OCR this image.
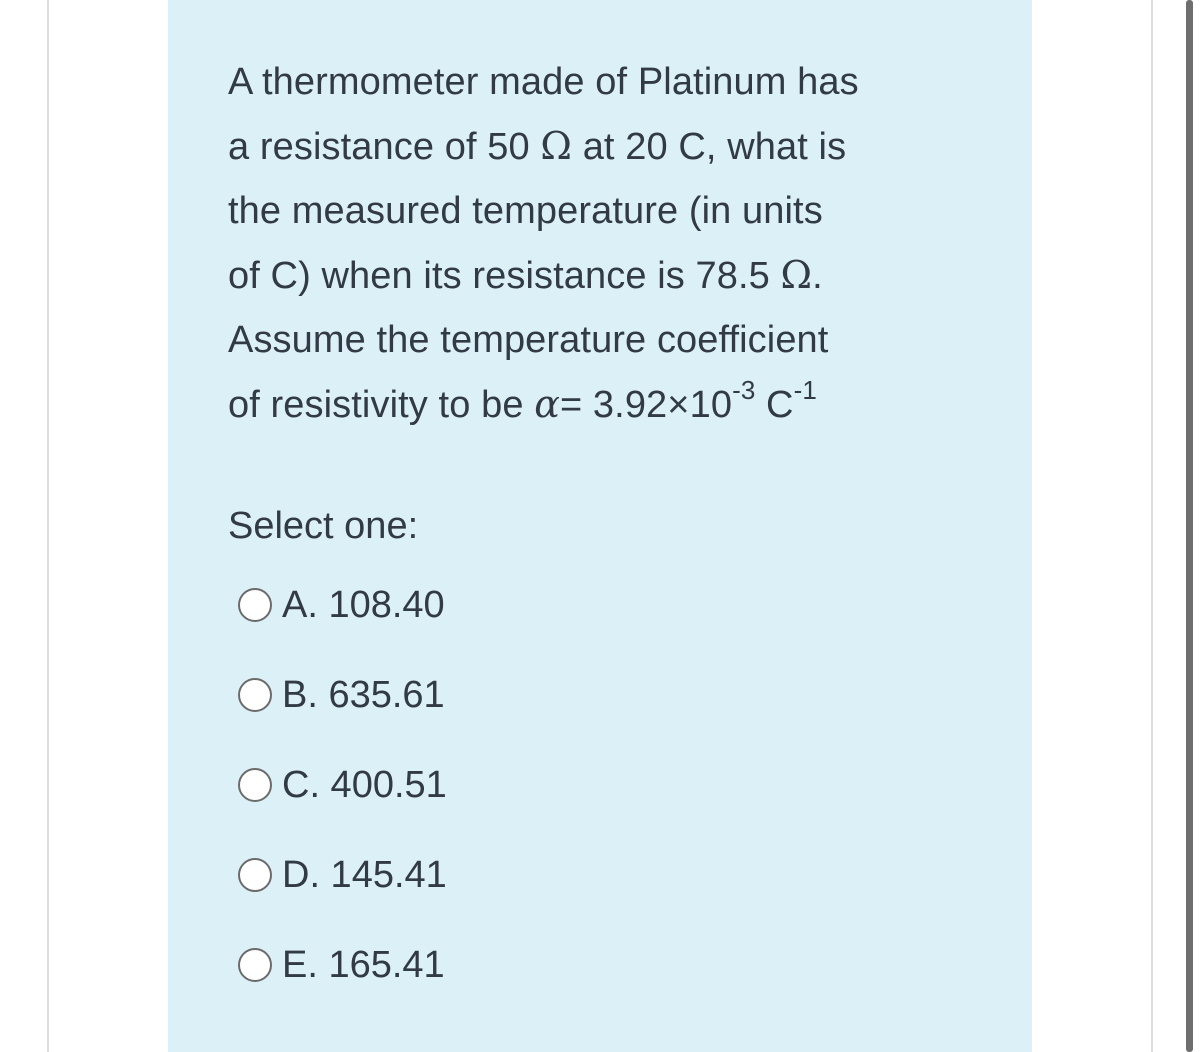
A thermometer made of Platinum has
a resistance of 50 Ω at 20 C, what is
the measured temperature (in units
of C) when its resistance is 78.5 Ω.
Assume the temperature coefficient
of resistivity to be $\alpha= 3.92\times 10^{-3}$ $C^{-1}$
Select one:
A. 108.40
B. 635.61
C. 400.51
D. 145.41
E. 165.41
